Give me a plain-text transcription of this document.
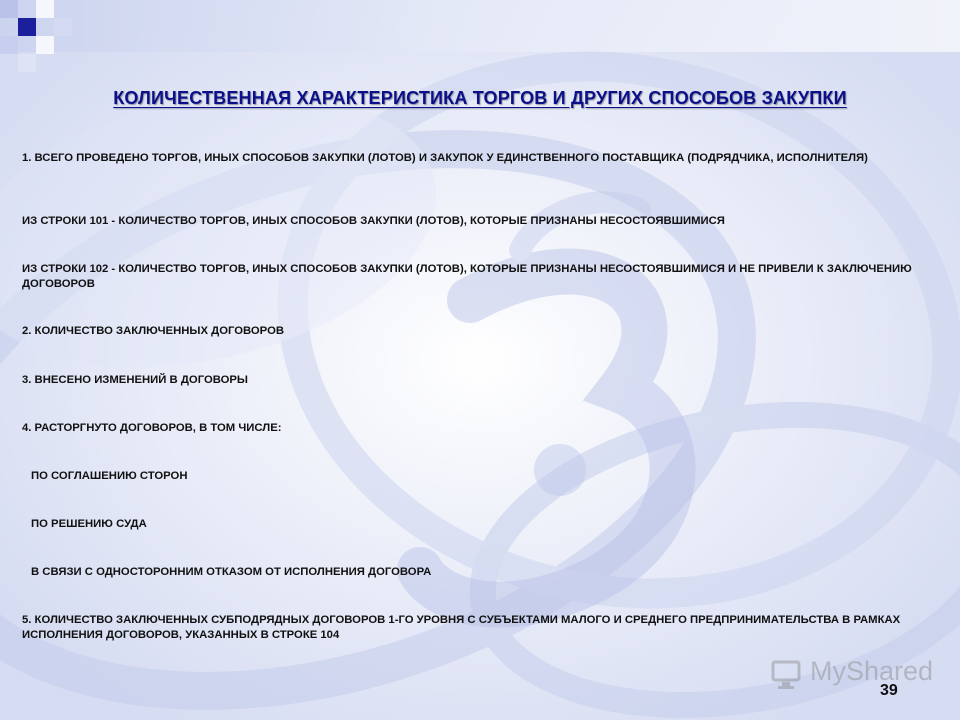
КОЛИЧЕСТВЕННАЯ ХАРАКТЕРИСТИКА ТОРГОВ И ДРУГИХ СПОСОБОВ ЗАКУПКИ
1. ВСЕГО ПРОВЕДЕНО ТОРГОВ, ИНЫХ СПОСОБОВ ЗАКУПКИ (ЛОТОВ) И ЗАКУПОК У ЕДИНСТВЕННОГО ПОСТАВЩИКА (ПОДРЯДЧИКА, ИСПОЛНИТЕЛЯ)
ИЗ СТРОКИ 101 - КОЛИЧЕСТВО ТОРГОВ, ИНЫХ СПОСОБОВ ЗАКУПКИ (ЛОТОВ), КОТОРЫЕ ПРИЗНАНЫ НЕСОСТОЯВШИМИСЯ
ИЗ СТРОКИ 102 - КОЛИЧЕСТВО ТОРГОВ, ИНЫХ СПОСОБОВ ЗАКУПКИ (ЛОТОВ), КОТОРЫЕ ПРИЗНАНЫ НЕСОСТОЯВШИМИСЯ И НЕ ПРИВЕЛИ К ЗАКЛЮЧЕНИЮ ДОГОВОРОВ
2. КОЛИЧЕСТВО ЗАКЛЮЧЕННЫХ ДОГОВОРОВ
3. ВНЕСЕНО ИЗМЕНЕНИЙ В ДОГОВОРЫ
4. РАСТОРГНУТО ДОГОВОРОВ, В ТОМ ЧИСЛЕ:
ПО СОГЛАШЕНИЮ СТОРОН
ПО РЕШЕНИЮ СУДА
В СВЯЗИ С ОДНОСТОРОННИМ ОТКАЗОМ ОТ ИСПОЛНЕНИЯ ДОГОВОРА
5. КОЛИЧЕСТВО ЗАКЛЮЧЕННЫХ СУБПОДРЯДНЫХ ДОГОВОРОВ 1-ГО УРОВНЯ С СУБЪЕКТАМИ МАЛОГО И СРЕДНЕГО ПРЕДПРИНИМАТЕЛЬСТВА В РАМКАХ ИСПОЛНЕНИЯ ДОГОВОРОВ, УКАЗАННЫХ В СТРОКЕ 104
MyShared
39
